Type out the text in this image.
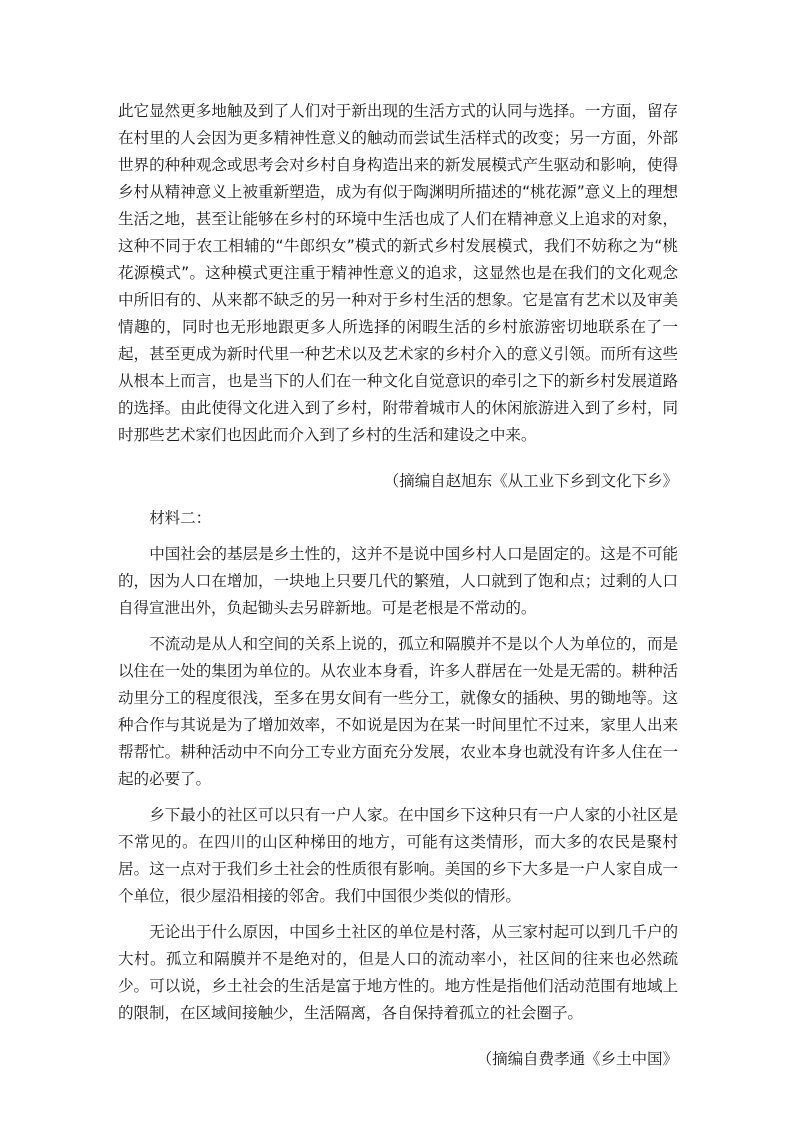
此它显然更多地触及到了人们对于新出现的生活方式的认同与选择。一方面，留存在村里的人会因为更多精神性意义的触动而尝试生活样式的改变；另一方面，外部世界的种种观念或思考会对乡村自身构造出来的新发展模式产生驱动和影响，使得乡村从精神意义上被重新塑造，成为有似于陶渊明所描述的“桃花源”意义上的理想生活之地，甚至让能够在乡村的环境中生活也成了人们在精神意义上追求的对象，这种不同于农工相辅的“牛郎织女”模式的新式乡村发展模式，我们不妨称之为“桃花源模式”。这种模式更注重于精神性意义的追求，这显然也是在我们的文化观念中所旧有的、从来都不缺乏的另一种对于乡村生活的想象。它是富有艺术以及审美情趣的，同时也无形地跟更多人所选择的闲暇生活的乡村旅游密切地联系在了一起，甚至更成为新时代里一种艺术以及艺术家的乡村介入的意义引领。而所有这些从根本上而言，也是当下的人们在一种文化自觉意识的牵引之下的新乡村发展道路的选择。由此使得文化进入到了乡村，附带着城市人的休闲旅游进入到了乡村，同时那些艺术家们也因此而介入到了乡村的生活和建设之中来。

（摘编自赵旭东《从工业下乡到文化下乡》

材料二：

中国社会的基层是乡土性的，这并不是说中国乡村人口是固定的。这是不可能的，因为人口在增加，一块地上只要几代的繁殖，人口就到了饱和点；过剩的人口自得宣泄出外，负起锄头去另辟新地。可是老根是不常动的。

不流动是从人和空间的关系上说的，孤立和隔膜并不是以个人为单位的，而是以住在一处的集团为单位的。从农业本身看，许多人群居在一处是无需的。耕种活动里分工的程度很浅，至多在男女间有一些分工，就像女的插秧、男的锄地等。这种合作与其说是为了增加效率，不如说是因为在某一时间里忙不过来，家里人出来帮帮忙。耕种活动中不向分工专业方面充分发展，农业本身也就没有许多人住在一起的必要了。

乡下最小的社区可以只有一户人家。在中国乡下这种只有一户人家的小社区是不常见的。在四川的山区种梯田的地方，可能有这类情形，而大多的农民是聚村居。这一点对于我们乡土社会的性质很有影响。美国的乡下大多是一户人家自成一个单位，很少屋沿相接的邻舍。我们中国很少类似的情形。

无论出于什么原因，中国乡土社区的单位是村落，从三家村起可以到几千户的大村。孤立和隔膜并不是绝对的，但是人口的流动率小，社区间的往来也必然疏少。可以说，乡土社会的生活是富于地方性的。地方性是指他们活动范围有地域上的限制，在区域间接触少，生活隔离，各自保持着孤立的社会圈子。

（摘编自费孝通《乡土中国》
